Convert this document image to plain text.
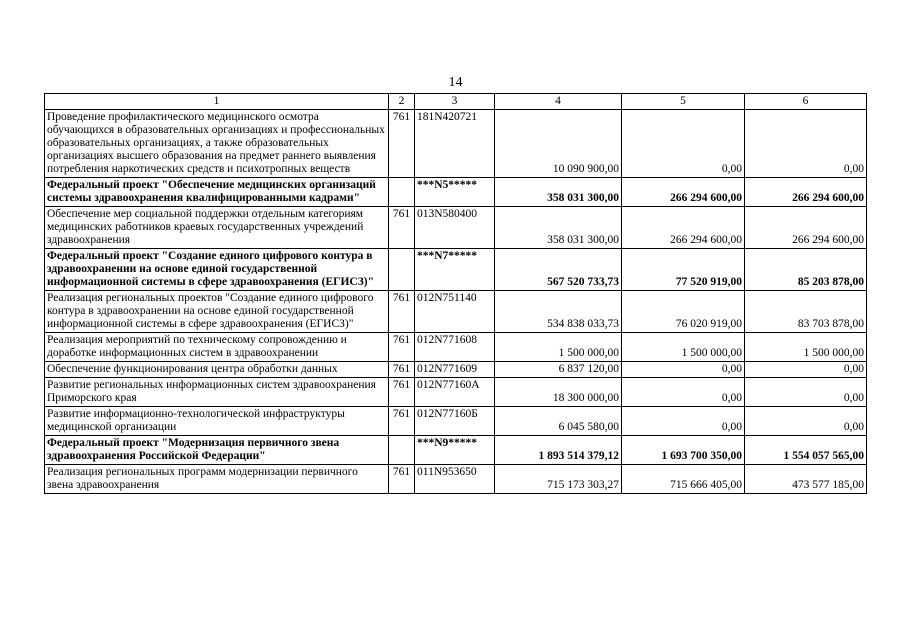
14
1	2	3	4	5	6
Проведение профилактического медицинского осмотра обучающихся в образовательных организациях и профессиональных образовательных организациях, а также образовательных организациях высшего образования на предмет раннего выявления потребления наркотических средств и психотропных веществ	761	181N420721	10 090 900,00	0,00	0,00
Федеральный проект "Обеспечение медицинских организаций системы здравоохранения квалифицированными кадрами"		***N5*****	358 031 300,00	266 294 600,00	266 294 600,00
Обеспечение мер социальной поддержки отдельным категориям медицинских работников краевых государственных учреждений здравоохранения	761	013N580400	358 031 300,00	266 294 600,00	266 294 600,00
Федеральный проект "Создание единого цифрового контура в здравоохранении на основе единой государственной информационной системы в сфере здравоохранения (ЕГИСЗ)"		***N7*****	567 520 733,73	77 520 919,00	85 203 878,00
Реализация региональных проектов "Создание единого цифрового контура в здравоохранении на основе единой государственной информационной системы в сфере здравоохранения (ЕГИСЗ)"	761	012N751140	534 838 033,73	76 020 919,00	83 703 878,00
Реализация мероприятий по техническому сопровождению и доработке информационных систем в здравоохранении	761	012N771608	1 500 000,00	1 500 000,00	1 500 000,00
Обеспечение функционирования центра обработки данных	761	012N771609	6 837 120,00	0,00	0,00
Развитие региональных информационных систем здравоохранения Приморского края	761	012N77160А	18 300 000,00	0,00	0,00
Развитие информационно-технологической инфраструктуры медицинской организации	761	012N77160Б	6 045 580,00	0,00	0,00
Федеральный проект "Модернизация первичного звена здравоохранения Российской Федерации"		***N9*****	1 893 514 379,12	1 693 700 350,00	1 554 057 565,00
Реализация региональных программ модернизации первичного звена здравоохранения	761	011N953650	715 173 303,27	715 666 405,00	473 577 185,00
